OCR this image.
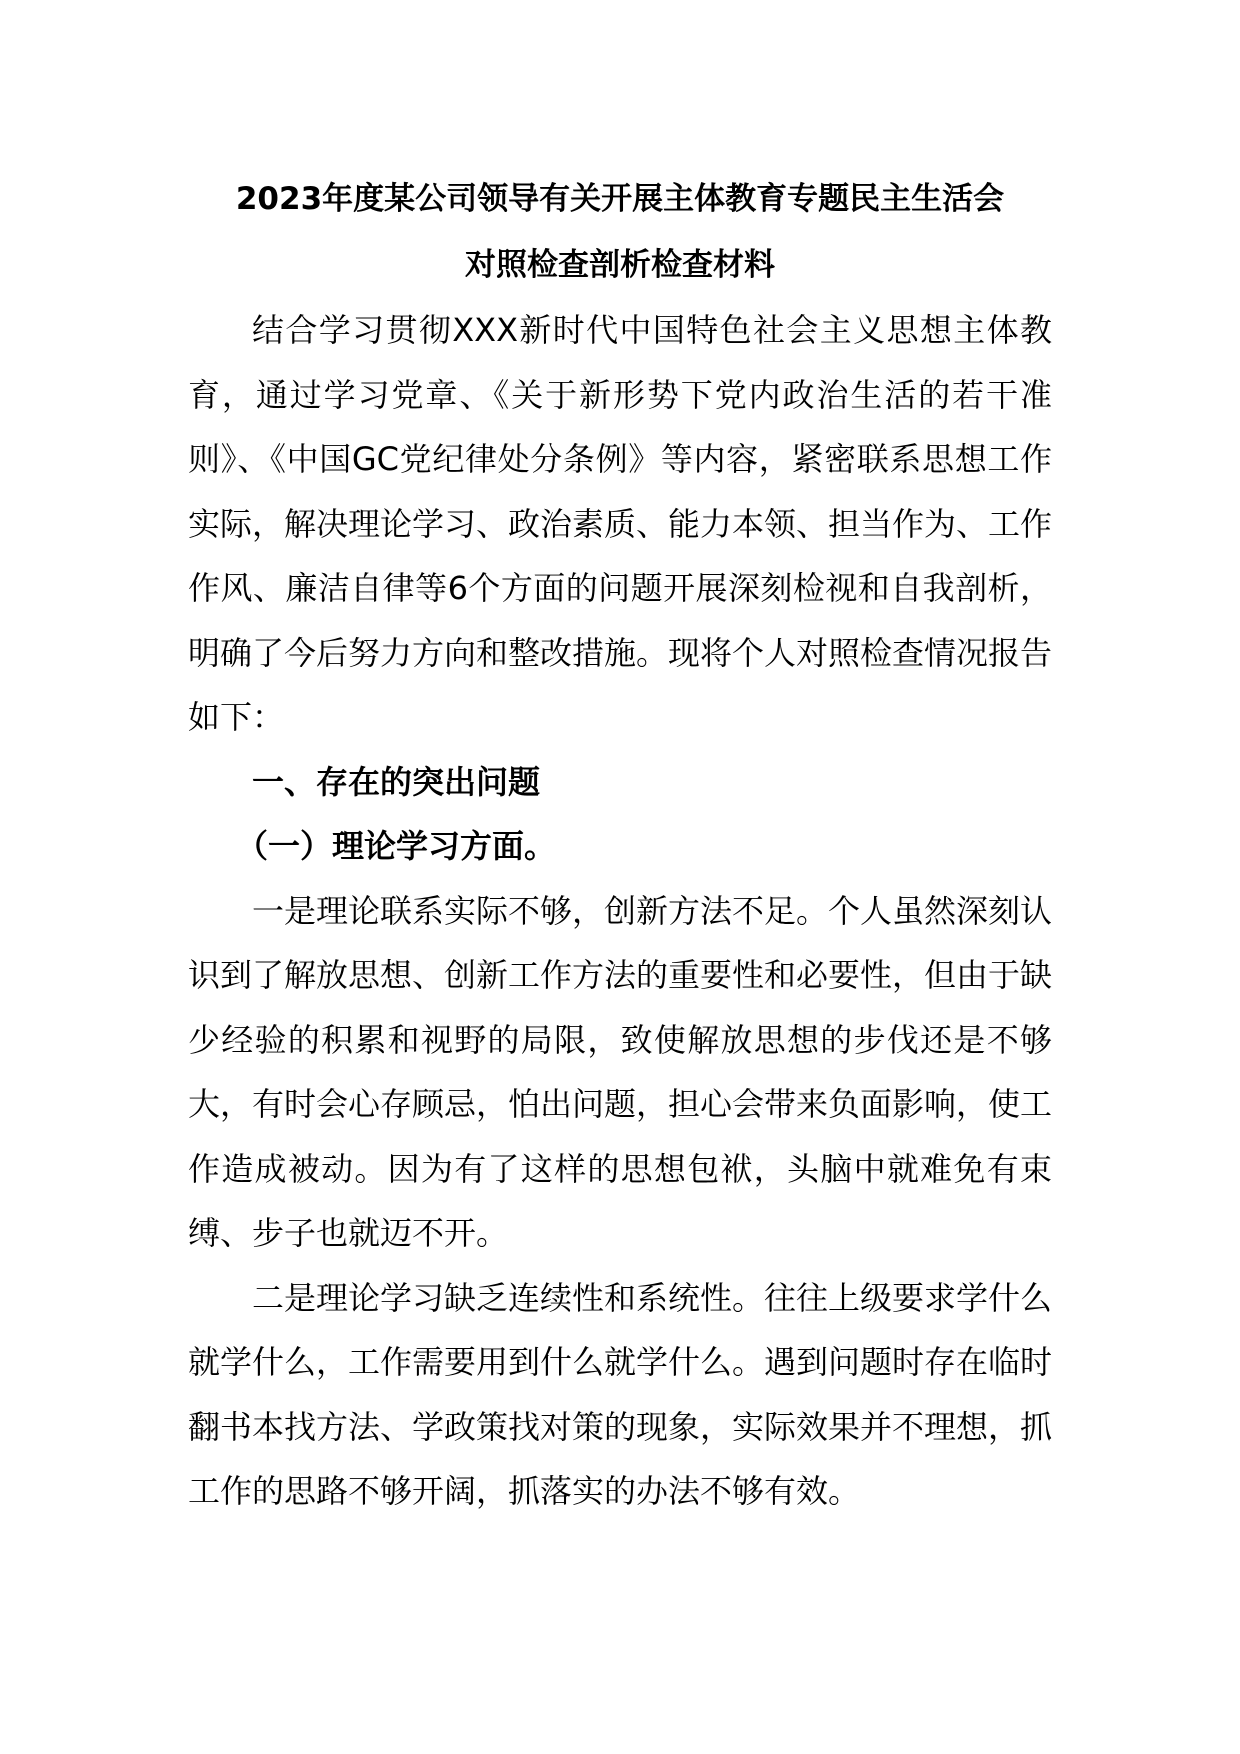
2023年度某公司领导有关开展主体教育专题民主生活会

对照检查剖析检查材料

结合学习贯彻XXX新时代中国特色社会主义思想主体教育，通过学习党章、《关于新形势下党内政治生活的若干准则》、《中国GC党纪律处分条例》等内容，紧密联系思想工作实际，解决理论学习、政治素质、能力本领、担当作为、工作作风、廉洁自律等6个方面的问题开展深刻检视和自我剖析，明确了今后努力方向和整改措施。现将个人对照检查情况报告如下：

一、存在的突出问题

（一）理论学习方面。

一是理论联系实际不够，创新方法不足。个人虽然深刻认识到了解放思想、创新工作方法的重要性和必要性，但由于缺少经验的积累和视野的局限，致使解放思想的步伐还是不够大，有时会心存顾忌，怕出问题，担心会带来负面影响，使工作造成被动。因为有了这样的思想包袱，头脑中就难免有束缚、步子也就迈不开。

二是理论学习缺乏连续性和系统性。往往上级要求学什么就学什么，工作需要用到什么就学什么。遇到问题时存在临时翻书本找方法、学政策找对策的现象，实际效果并不理想，抓工作的思路不够开阔，抓落实的办法不够有效。
